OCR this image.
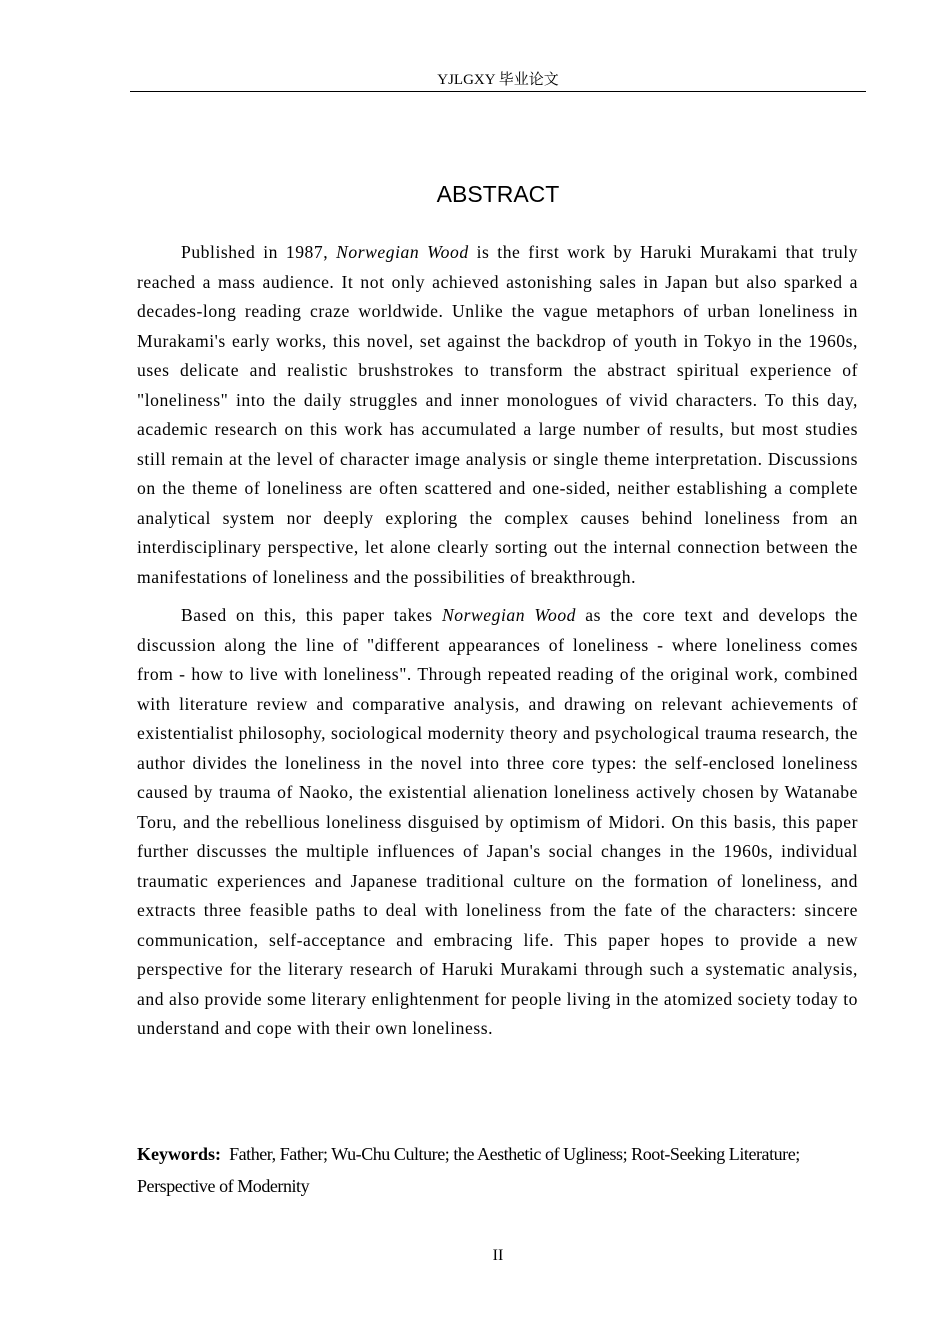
YJLGXY 毕业论文
ABSTRACT

Published in 1987, Norwegian Wood is the first work by Haruki Murakami that truly reached a mass audience. It not only achieved astonishing sales in Japan but also sparked a decades-long reading craze worldwide. Unlike the vague metaphors of urban loneliness in Murakami's early works, this novel, set against the backdrop of youth in Tokyo in the 1960s, uses delicate and realistic brushstrokes to transform the abstract spiritual experience of "loneliness" into the daily struggles and inner monologues of vivid characters. To this day, academic research on this work has accumulated a large number of results, but most studies still remain at the level of character image analysis or single theme interpretation. Discussions on the theme of loneliness are often scattered and one-sided, neither establishing a complete analytical system nor deeply exploring the complex causes behind loneliness from an interdisciplinary perspective, let alone clearly sorting out the internal connection between the manifestations of loneliness and the possibilities of breakthrough.

Based on this, this paper takes Norwegian Wood as the core text and develops the discussion along the line of "different appearances of loneliness - where loneliness comes from - how to live with loneliness". Through repeated reading of the original work, combined with literature review and comparative analysis, and drawing on relevant achievements of existentialist philosophy, sociological modernity theory and psychological trauma research, the author divides the loneliness in the novel into three core types: the self-enclosed loneliness caused by trauma of Naoko, the existential alienation loneliness actively chosen by Watanabe Toru, and the rebellious loneliness disguised by optimism of Midori. On this basis, this paper further discusses the multiple influences of Japan's social changes in the 1960s, individual traumatic experiences and Japanese traditional culture on the formation of loneliness, and extracts three feasible paths to deal with loneliness from the fate of the characters: sincere communication, self-acceptance and embracing life. This paper hopes to provide a new perspective for the literary research of Haruki Murakami through such a systematic analysis, and also provide some literary enlightenment for people living in the atomized society today to understand and cope with their own loneliness.

Keywords: Father, Father; Wu-Chu Culture; the Aesthetic of Ugliness; Root-Seeking Literature; Perspective of Modernity
II
